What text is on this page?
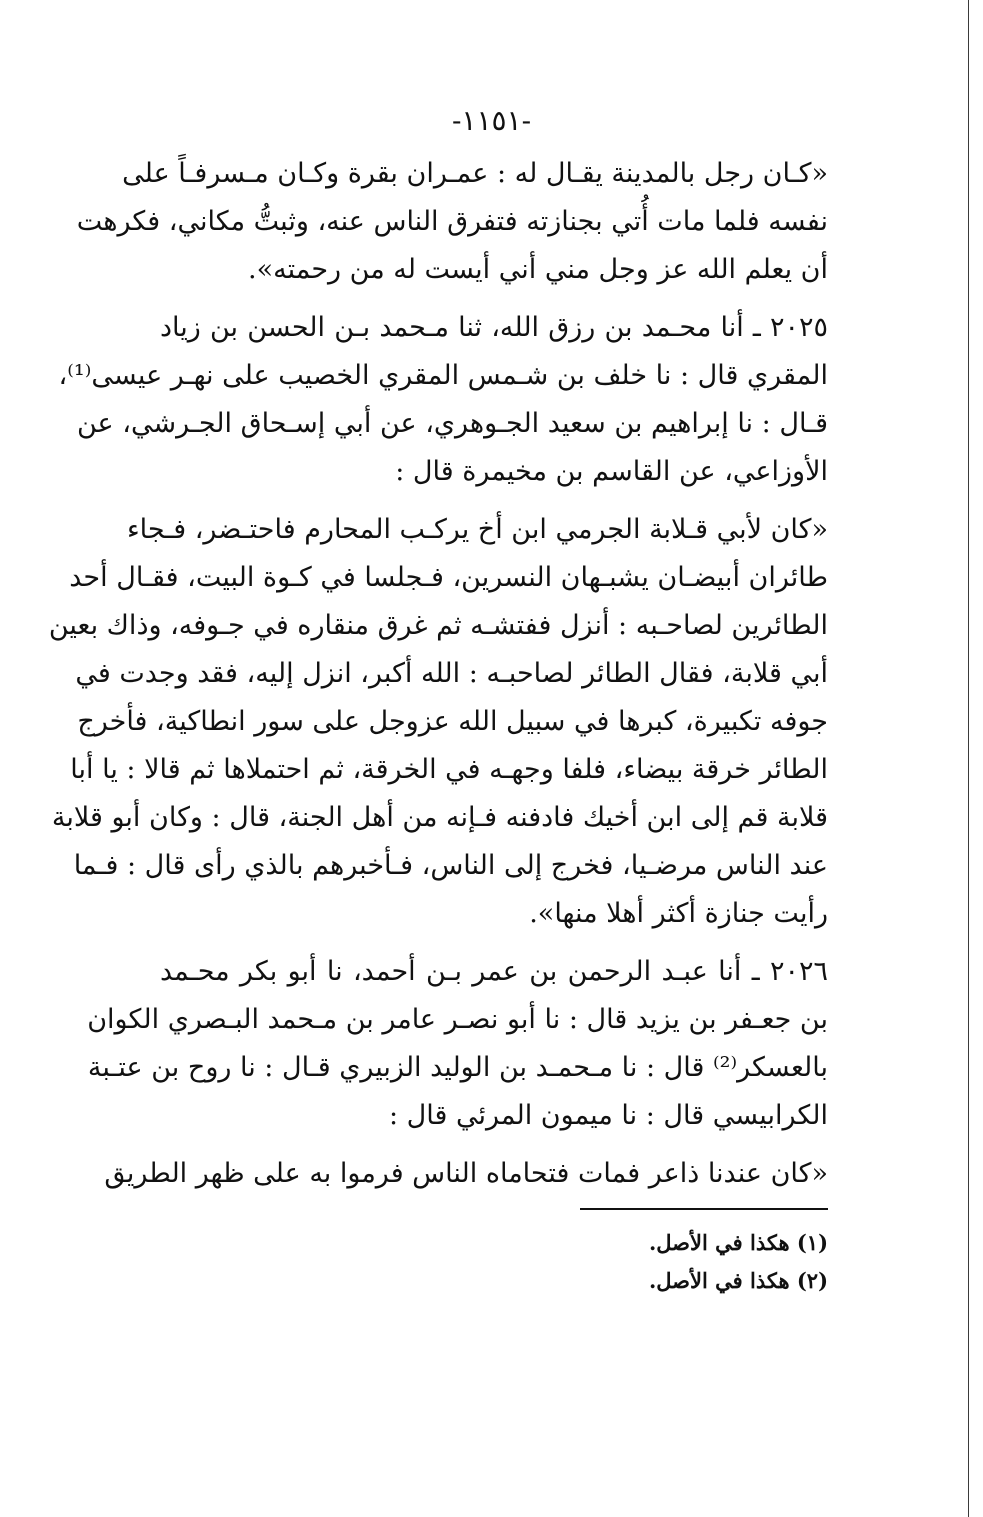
-١١٥١-
«كـان رجل بالمدينة يقـال له : عمـران بقرة وكـان مـسرفـاً على
نفسه فلما مات أُتي بجنازته فتفرق الناس عنه، وثبتُّ مكاني، فكرهت
أن يعلم الله عز وجل مني أني أيست له من رحمته».
٢٠٢٥ ـ أنا محـمد بن رزق الله، ثنا مـحمد بـن الحسن بن زياد
المقري قال : نا خلف بن شـمس المقري الخصيب على نهـر عيسى⁽¹⁾،
قـال : نا إبراهيم بن سعيد الجـوهري، عن أبي إسـحاق الجـرشي، عن
الأوزاعي، عن القاسم بن مخيمرة قال :
«كان لأبي قـلابة الجرمي ابن أخ يركـب المحارم فاحتـضر، فـجاء
طائران أبيضـان يشبـهان النسرين، فـجلسا في كـوة البيت، فقـال أحد
الطائرين لصاحـبه : أنزل ففتشـه ثم غرق منقاره في جـوفه، وذاك بعين
أبي قلابة، فقال الطائر لصاحبـه : الله أكبر، انزل إليه، فقد وجدت في
جوفه تكبيرة، كبرها في سبيل الله عزوجل على سور انطاكية، فأخرج
الطائر خرقة بيضاء، فلفا وجهـه في الخرقة، ثم احتملاها ثم قالا : يا أبا
قلابة قم إلى ابن أخيك فادفنه فـإنه من أهل الجنة، قال : وكان أبو قلابة
عند الناس مرضـيا، فخرج إلى الناس، فـأخبرهم بالذي رأى قال : فـما
رأيت جنازة أكثر أهلا منها».
٢٠٢٦ ـ أنا عبـد الرحمن بن عمر بـن أحمد، نا أبو بكر محـمد
بن جعـفر بن يزيد قال : نا أبو نصـر عامر بن مـحمد البـصري الكوان
بالعسكر⁽²⁾ قال : نا مـحمـد بن الوليد الزبيري قـال : نا روح بن عتـبة
الكرابيسي قال : نا ميمون المرئي قال :
«كان عندنا ذاعر فمات فتحاماه الناس فرموا به على ظهر الطريق
(١) هكذا في الأصل.
(٢) هكذا في الأصل.
